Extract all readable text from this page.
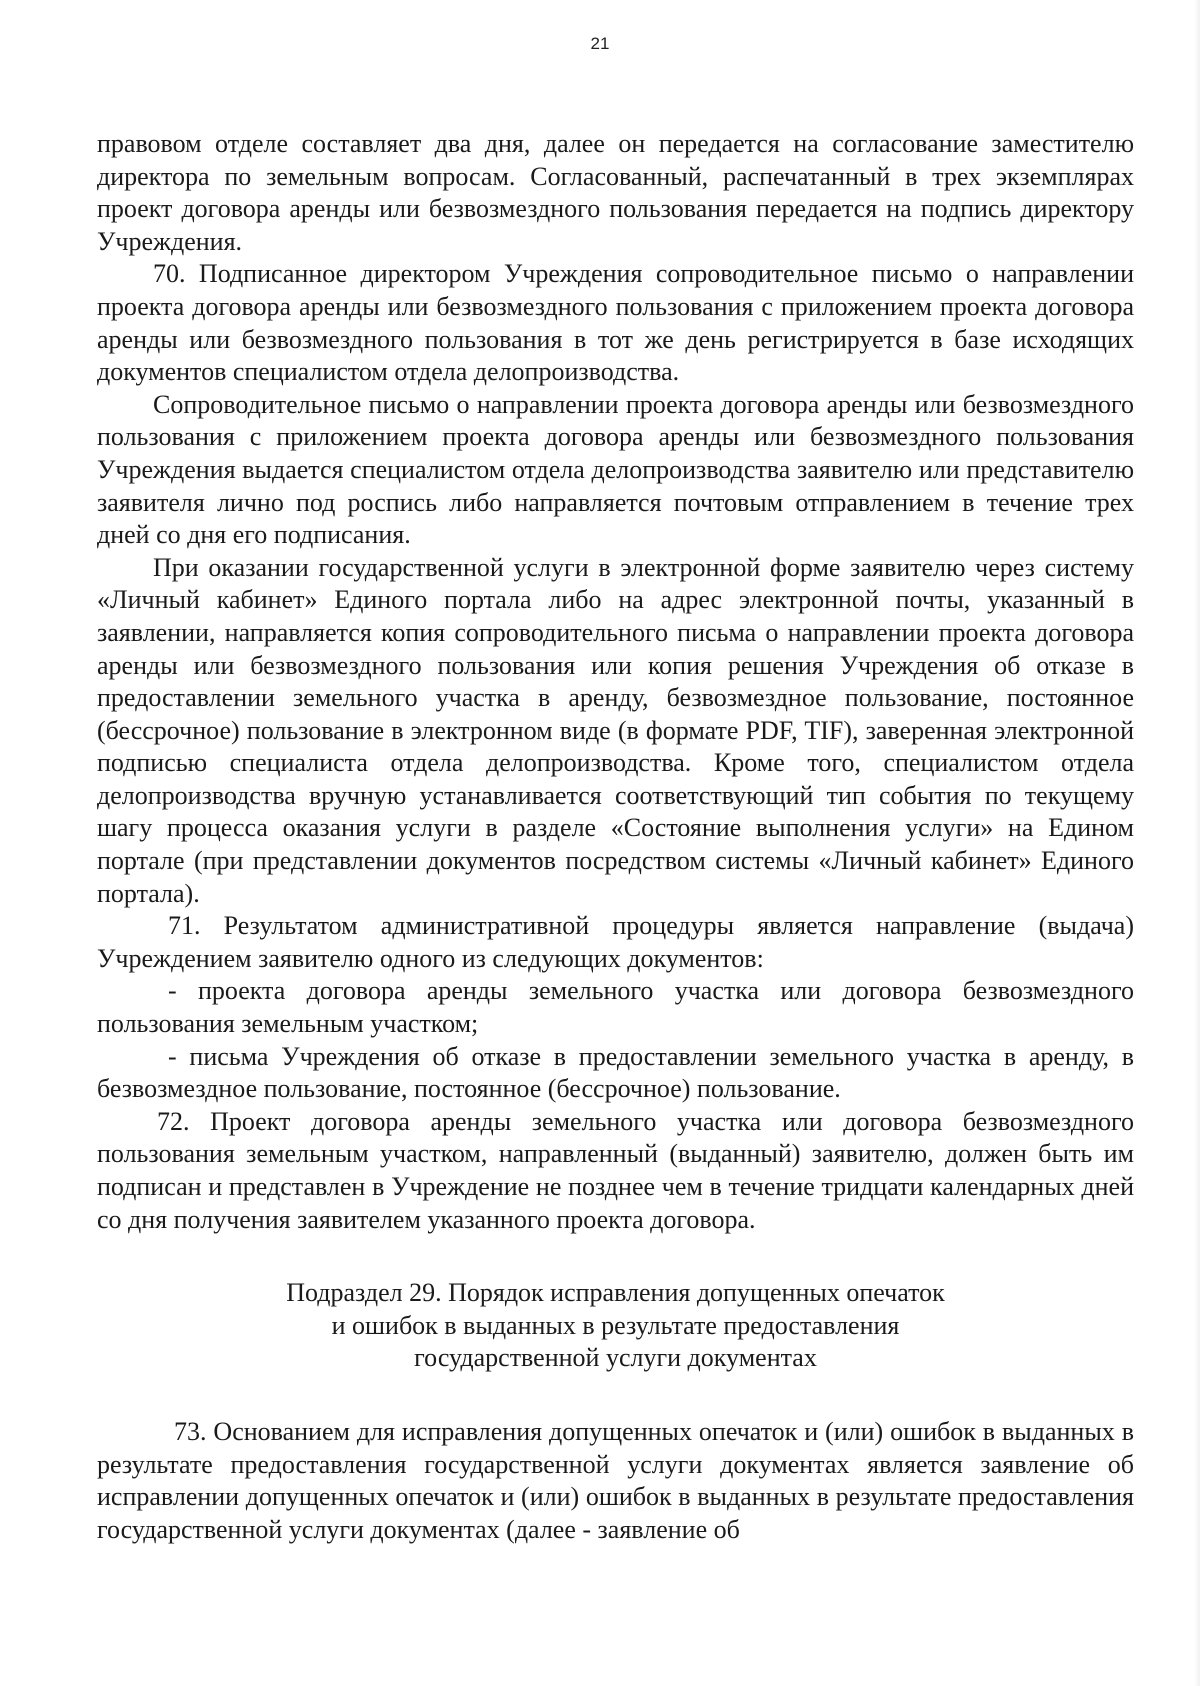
21

правовом отделе составляет два дня, далее он передается на согласование заместителю директора по земельным вопросам. Согласованный, распечатанный в трех экземплярах проект договора аренды или безвозмездного пользования передается на подпись директору Учреждения.

70. Подписанное директором Учреждения сопроводительное письмо о направлении проекта договора аренды или безвозмездного пользования с приложением проекта договора аренды или безвозмездного пользования в тот же день регистрируется в базе исходящих документов специалистом отдела делопроизводства.

Сопроводительное письмо о направлении проекта договора аренды или безвозмездного пользования с приложением проекта договора аренды или безвозмездного пользования Учреждения выдается специалистом отдела делопроизводства заявителю или представителю заявителя лично под роспись либо направляется почтовым отправлением в течение трех дней со дня его подписания.

При оказании государственной услуги в электронной форме заявителю через систему «Личный кабинет» Единого портала либо на адрес электронной почты, указанный в заявлении, направляется копия сопроводительного письма о направлении проекта договора аренды или безвозмездного пользования или копия решения Учреждения об отказе в предоставлении земельного участка в аренду, безвозмездное пользование, постоянное (бессрочное) пользование в электронном виде (в формате PDF, TIF), заверенная электронной подписью специалиста отдела делопроизводства. Кроме того, специалистом отдела делопроизводства вручную устанавливается соответствующий тип события по текущему шагу процесса оказания услуги в разделе «Состояние выполнения услуги» на Едином портале (при представлении документов посредством системы «Личный кабинет» Единого портала).

71. Результатом административной процедуры является направление (выдача) Учреждением заявителю одного из следующих документов:

- проекта договора аренды земельного участка или договора безвозмездного пользования земельным участком;

- письма Учреждения об отказе в предоставлении земельного участка в аренду, в безвозмездное пользование, постоянное (бессрочное) пользование.

72. Проект договора аренды земельного участка или договора безвозмездного пользования земельным участком, направленный (выданный) заявителю, должен быть им подписан и представлен в Учреждение не позднее чем в течение тридцати календарных дней со дня получения заявителем указанного проекта договора.

Подраздел 29. Порядок исправления допущенных опечаток
и ошибок в выданных в результате предоставления
государственной услуги документах

73. Основанием для исправления допущенных опечаток и (или) ошибок в выданных в результате предоставления государственной услуги документах является заявление об исправлении допущенных опечаток и (или) ошибок в выданных в результате предоставления государственной услуги документах (далее - заявление об
